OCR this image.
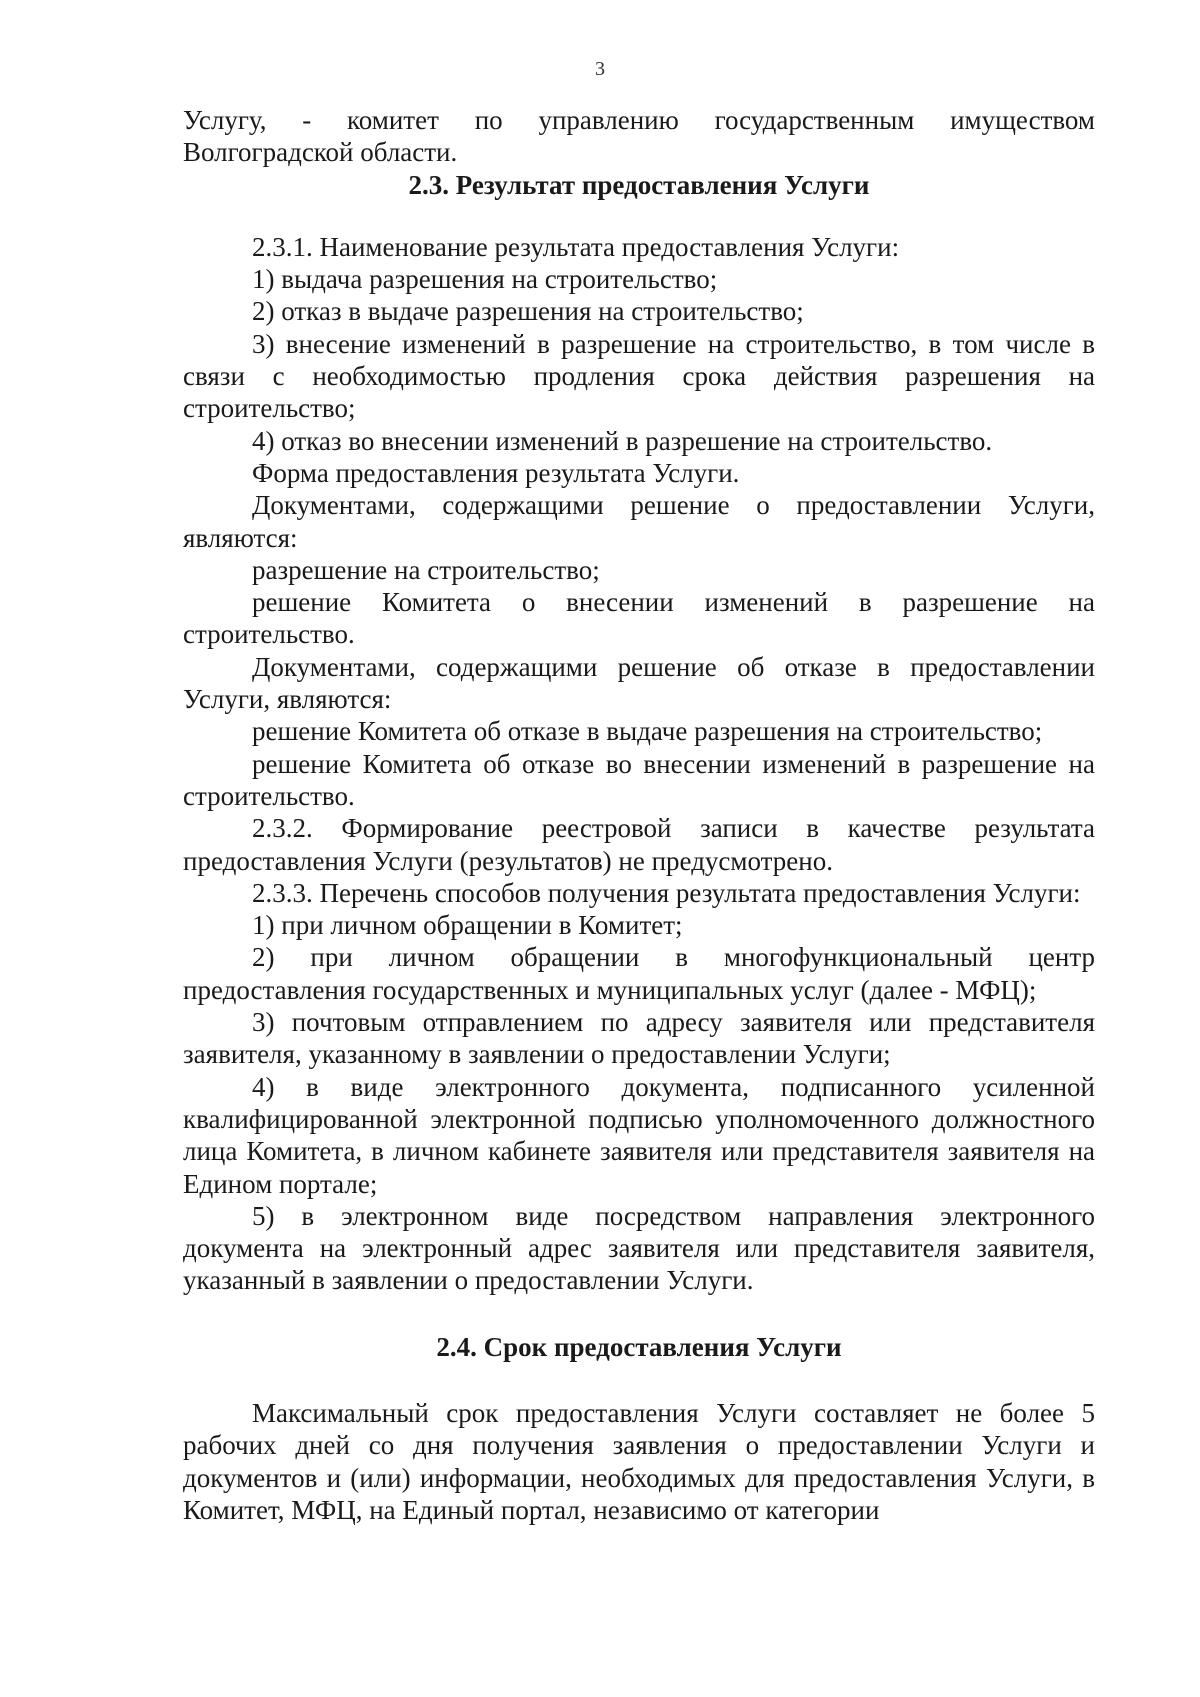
3

Услугу, - комитет по управлению государственным имуществом

Волгоградской области.

2.3. Результат предоставления Услуги

2.3.1. Наименование результата предоставления Услуги:

1) выдача разрешения на строительство;

2) отказ в выдаче разрешения на строительство;

3) внесение изменений в разрешение на строительство, в том числе в связи с необходимостью продления срока действия разрешения на строительство;

4) отказ во внесении изменений в разрешение на строительство.

Форма предоставления результата Услуги.

Документами, содержащими решение о предоставлении Услуги, являются:

разрешение на строительство;

решение Комитета о внесении изменений в разрешение на строительство.

Документами, содержащими решение об отказе в предоставлении Услуги, являются:

решение Комитета об отказе в выдаче разрешения на строительство;

решение Комитета об отказе во внесении изменений в разрешение на строительство.

2.3.2. Формирование реестровой записи в качестве результата предоставления Услуги (результатов) не предусмотрено.

2.3.3. Перечень способов получения результата предоставления Услуги:

1) при личном обращении в Комитет;

2) при личном обращении в многофункциональный центр предоставления государственных и муниципальных услуг (далее - МФЦ);

3) почтовым отправлением по адресу заявителя или представителя заявителя, указанному в заявлении о предоставлении Услуги;

4) в виде электронного документа, подписанного усиленной квалифицированной электронной подписью уполномоченного должностного лица Комитета, в личном кабинете заявителя или представителя заявителя на Едином портале;

5) в электронном виде посредством направления электронного документа на электронный адрес заявителя или представителя заявителя, указанный в заявлении о предоставлении Услуги.

2.4. Срок предоставления Услуги

Максимальный срок предоставления Услуги составляет не более 5 рабочих дней со дня получения заявления о предоставлении Услуги и документов и (или) информации, необходимых для предоставления Услуги, в Комитет, МФЦ, на Единый портал, независимо от категории
